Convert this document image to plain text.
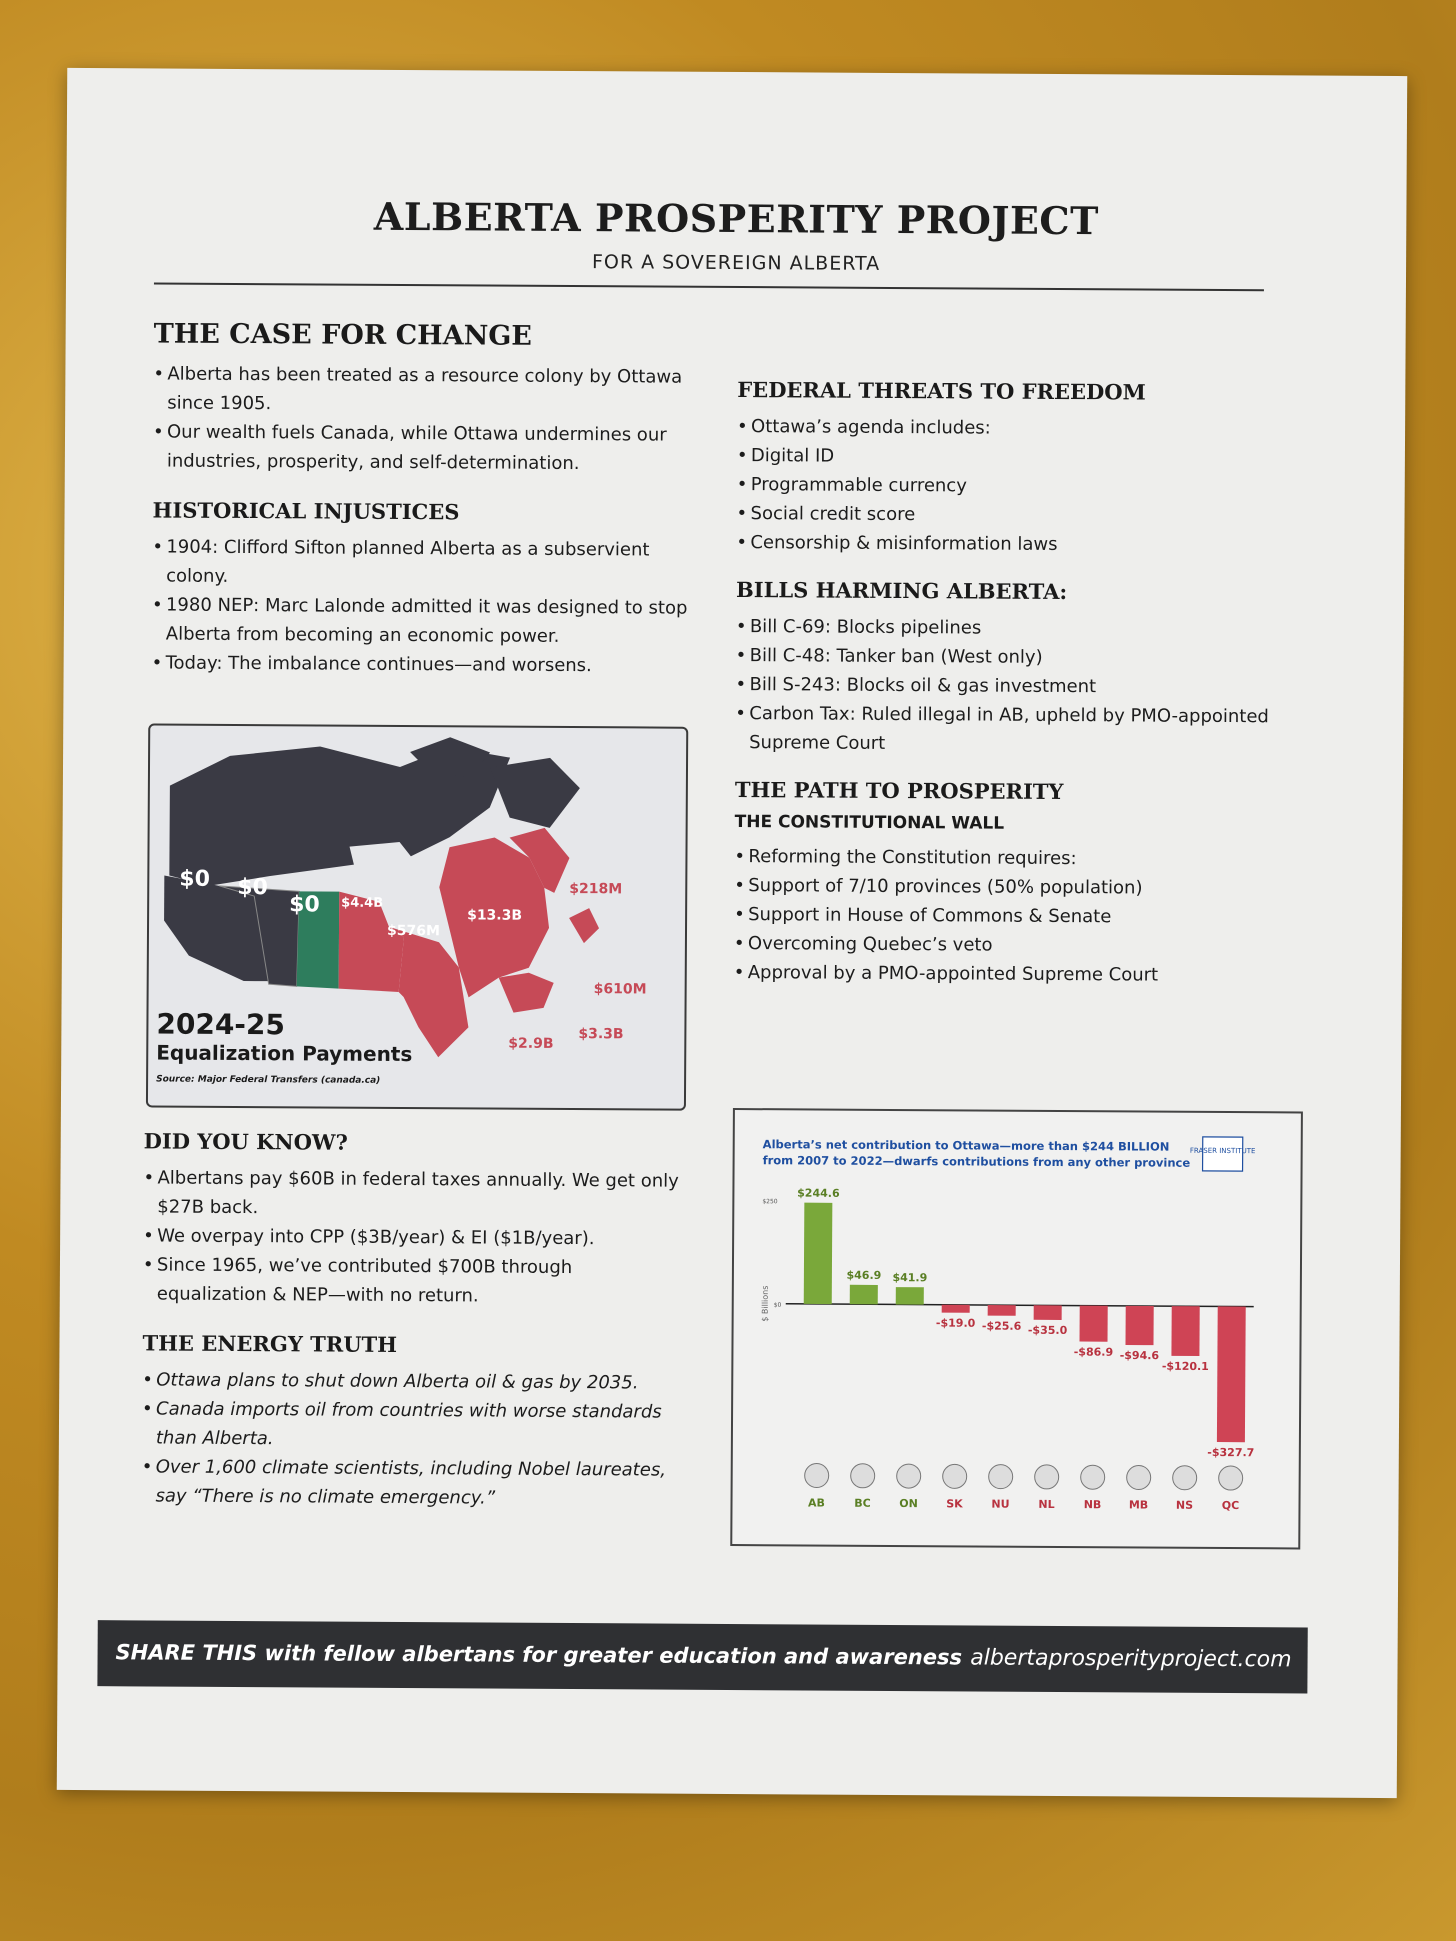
ALBERTA PROSPERITY PROJECT
FOR A SOVEREIGN ALBERTA
THE CASE FOR CHANGE
• Alberta has been treated as a resource colony by Ottawa since 1905.
• Our wealth fuels Canada, while Ottawa undermines our industries, prosperity, and self-determination.
HISTORICAL INJUSTICES
• 1904: Clifford Sifton planned Alberta as a subservient colony.
• 1980 NEP: Marc Lalonde admitted it was designed to stop Alberta from becoming an economic power.
• Today: The imbalance continues—and worsens.
$0 $0
$0 $4.4B
$576M
$13.3B
$218M
$610M
$2.9B
$3.3B
2024-25
Equalization Payments
Source: Major Federal Transfers (canada.ca)
DID YOU KNOW?
• Albertans pay $60B in federal taxes annually. We get only $27B back.
• We overpay into CPP ($3B/year) & EI ($1B/year).
• Since 1965, we’ve contributed $700B through equalization & NEP—with no return.
THE ENERGY TRUTH
• Ottawa plans to shut down Alberta oil & gas by 2035.
• Canada imports oil from countries with worse standards than Alberta.
• Over 1,600 climate scientists, including Nobel laureates, say “There is no climate emergency.”
FEDERAL THREATS TO FREEDOM
• Ottawa’s agenda includes:
• Digital ID
• Programmable currency
• Social credit score
• Censorship & misinformation laws
BILLS HARMING ALBERTA:
• Bill C-69: Blocks pipelines
• Bill C-48: Tanker ban (West only)
• Bill S-243: Blocks oil & gas investment
• Carbon Tax: Ruled illegal in AB, upheld by PMO-appointed Supreme Court
THE PATH TO PROSPERITY
THE CONSTITUTIONAL WALL
• Reforming the Constitution requires:
• Support of 7/10 provinces (50% population)
• Support in House of Commons & Senate
• Overcoming Quebec’s veto
• Approval by a PMO-appointed Supreme Court
Alberta’s net contribution to Ottawa—more than $244 BILLION
from 2007 to 2022—dwarfs contributions from any other province
FRASER INSTITUTE
$250
$0
$ Billions
$244.6
AB
$46.9
BC
$41.9
ON
-$19.0
SK
-$25.6
NU
-$35.0
NL
-$86.9
NB
-$94.6
MB
-$120.1
NS
-$327.7
QC
SHARE THIS with fellow albertans for greater education and awareness albertaprosperityproject.com
